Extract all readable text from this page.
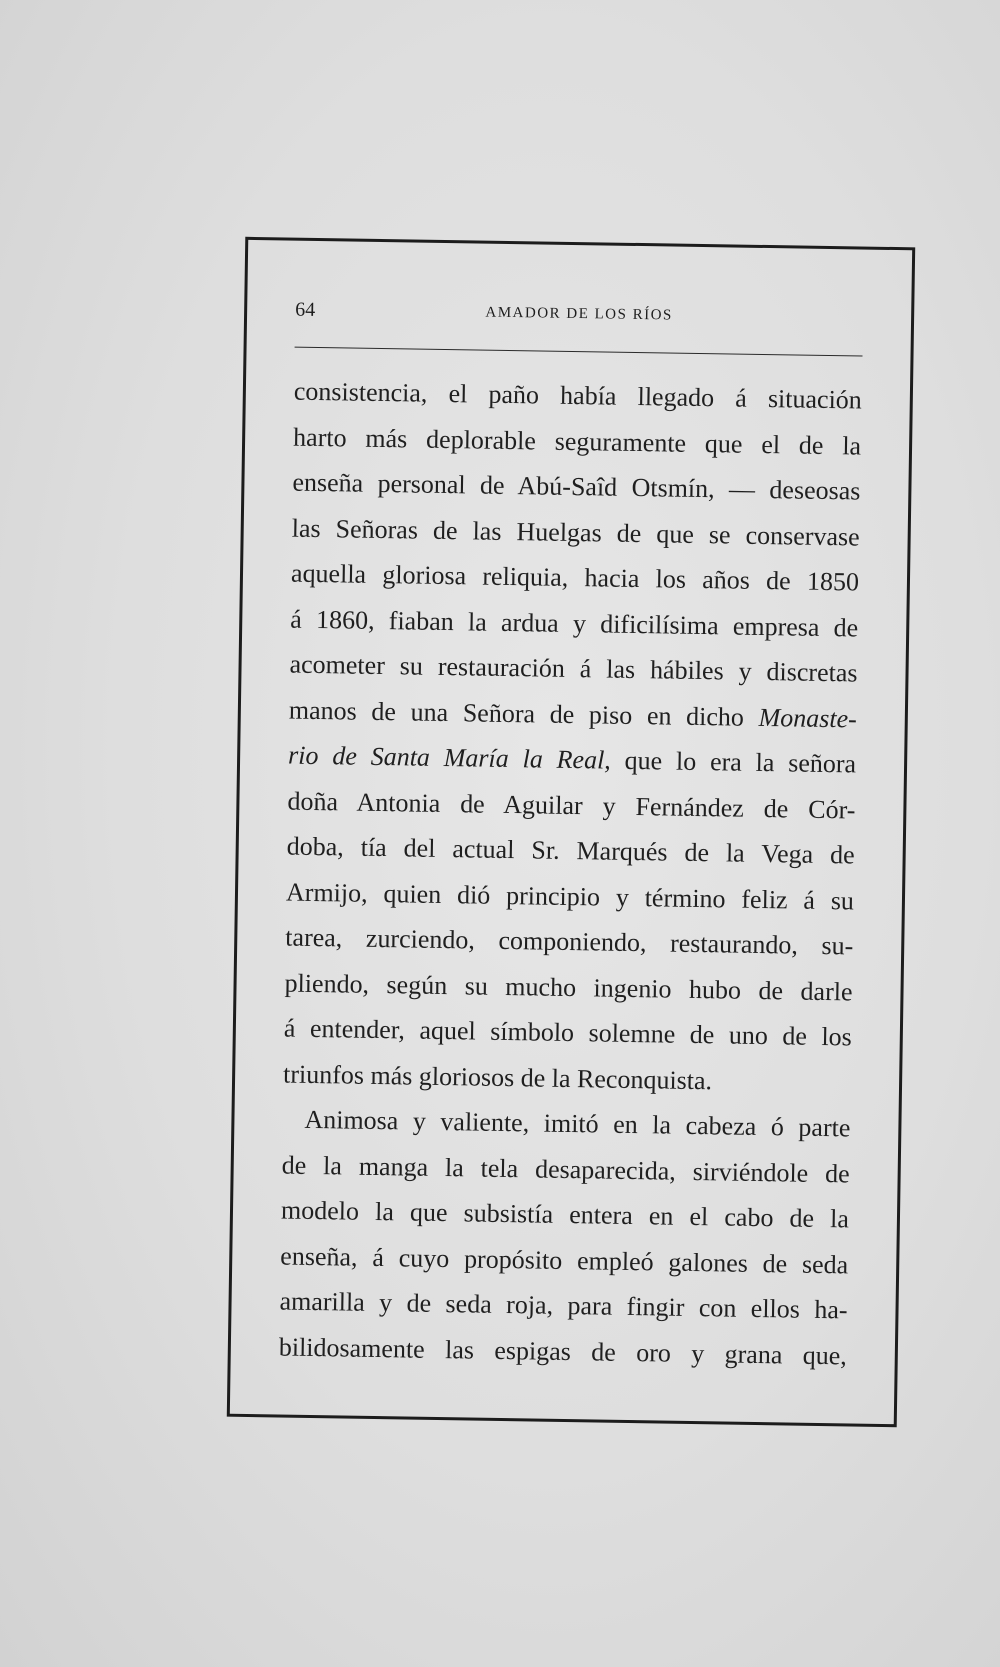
64	AMADOR DE LOS RÍOS
consistencia, el paño había llegado á situación
harto más deplorable seguramente que el de la
enseña personal de Abú-Saîd Otsmín, — deseosas
las Señoras de las Huelgas de que se conservase
aquella gloriosa reliquia, hacia los años de 1850
á 1860, fiaban la ardua y dificilísima empresa de
acometer su restauración á las hábiles y discretas
manos de una Señora de piso en dicho Monaste-
rio de Santa María la Real, que lo era la señora
doña Antonia de Aguilar y Fernández de Cór-
doba, tía del actual Sr. Marqués de la Vega de
Armijo, quien dió principio y término feliz á su
tarea, zurciendo, componiendo, restaurando, su-
pliendo, según su mucho ingenio hubo de darle
á entender, aquel símbolo solemne de uno de los
triunfos más gloriosos de la Reconquista.
Animosa y valiente, imitó en la cabeza ó parte
de la manga la tela desaparecida, sirviéndole de
modelo la que subsistía entera en el cabo de la
enseña, á cuyo propósito empleó galones de seda
amarilla y de seda roja, para fingir con ellos ha-
bilidosamente las espigas de oro y grana que,
